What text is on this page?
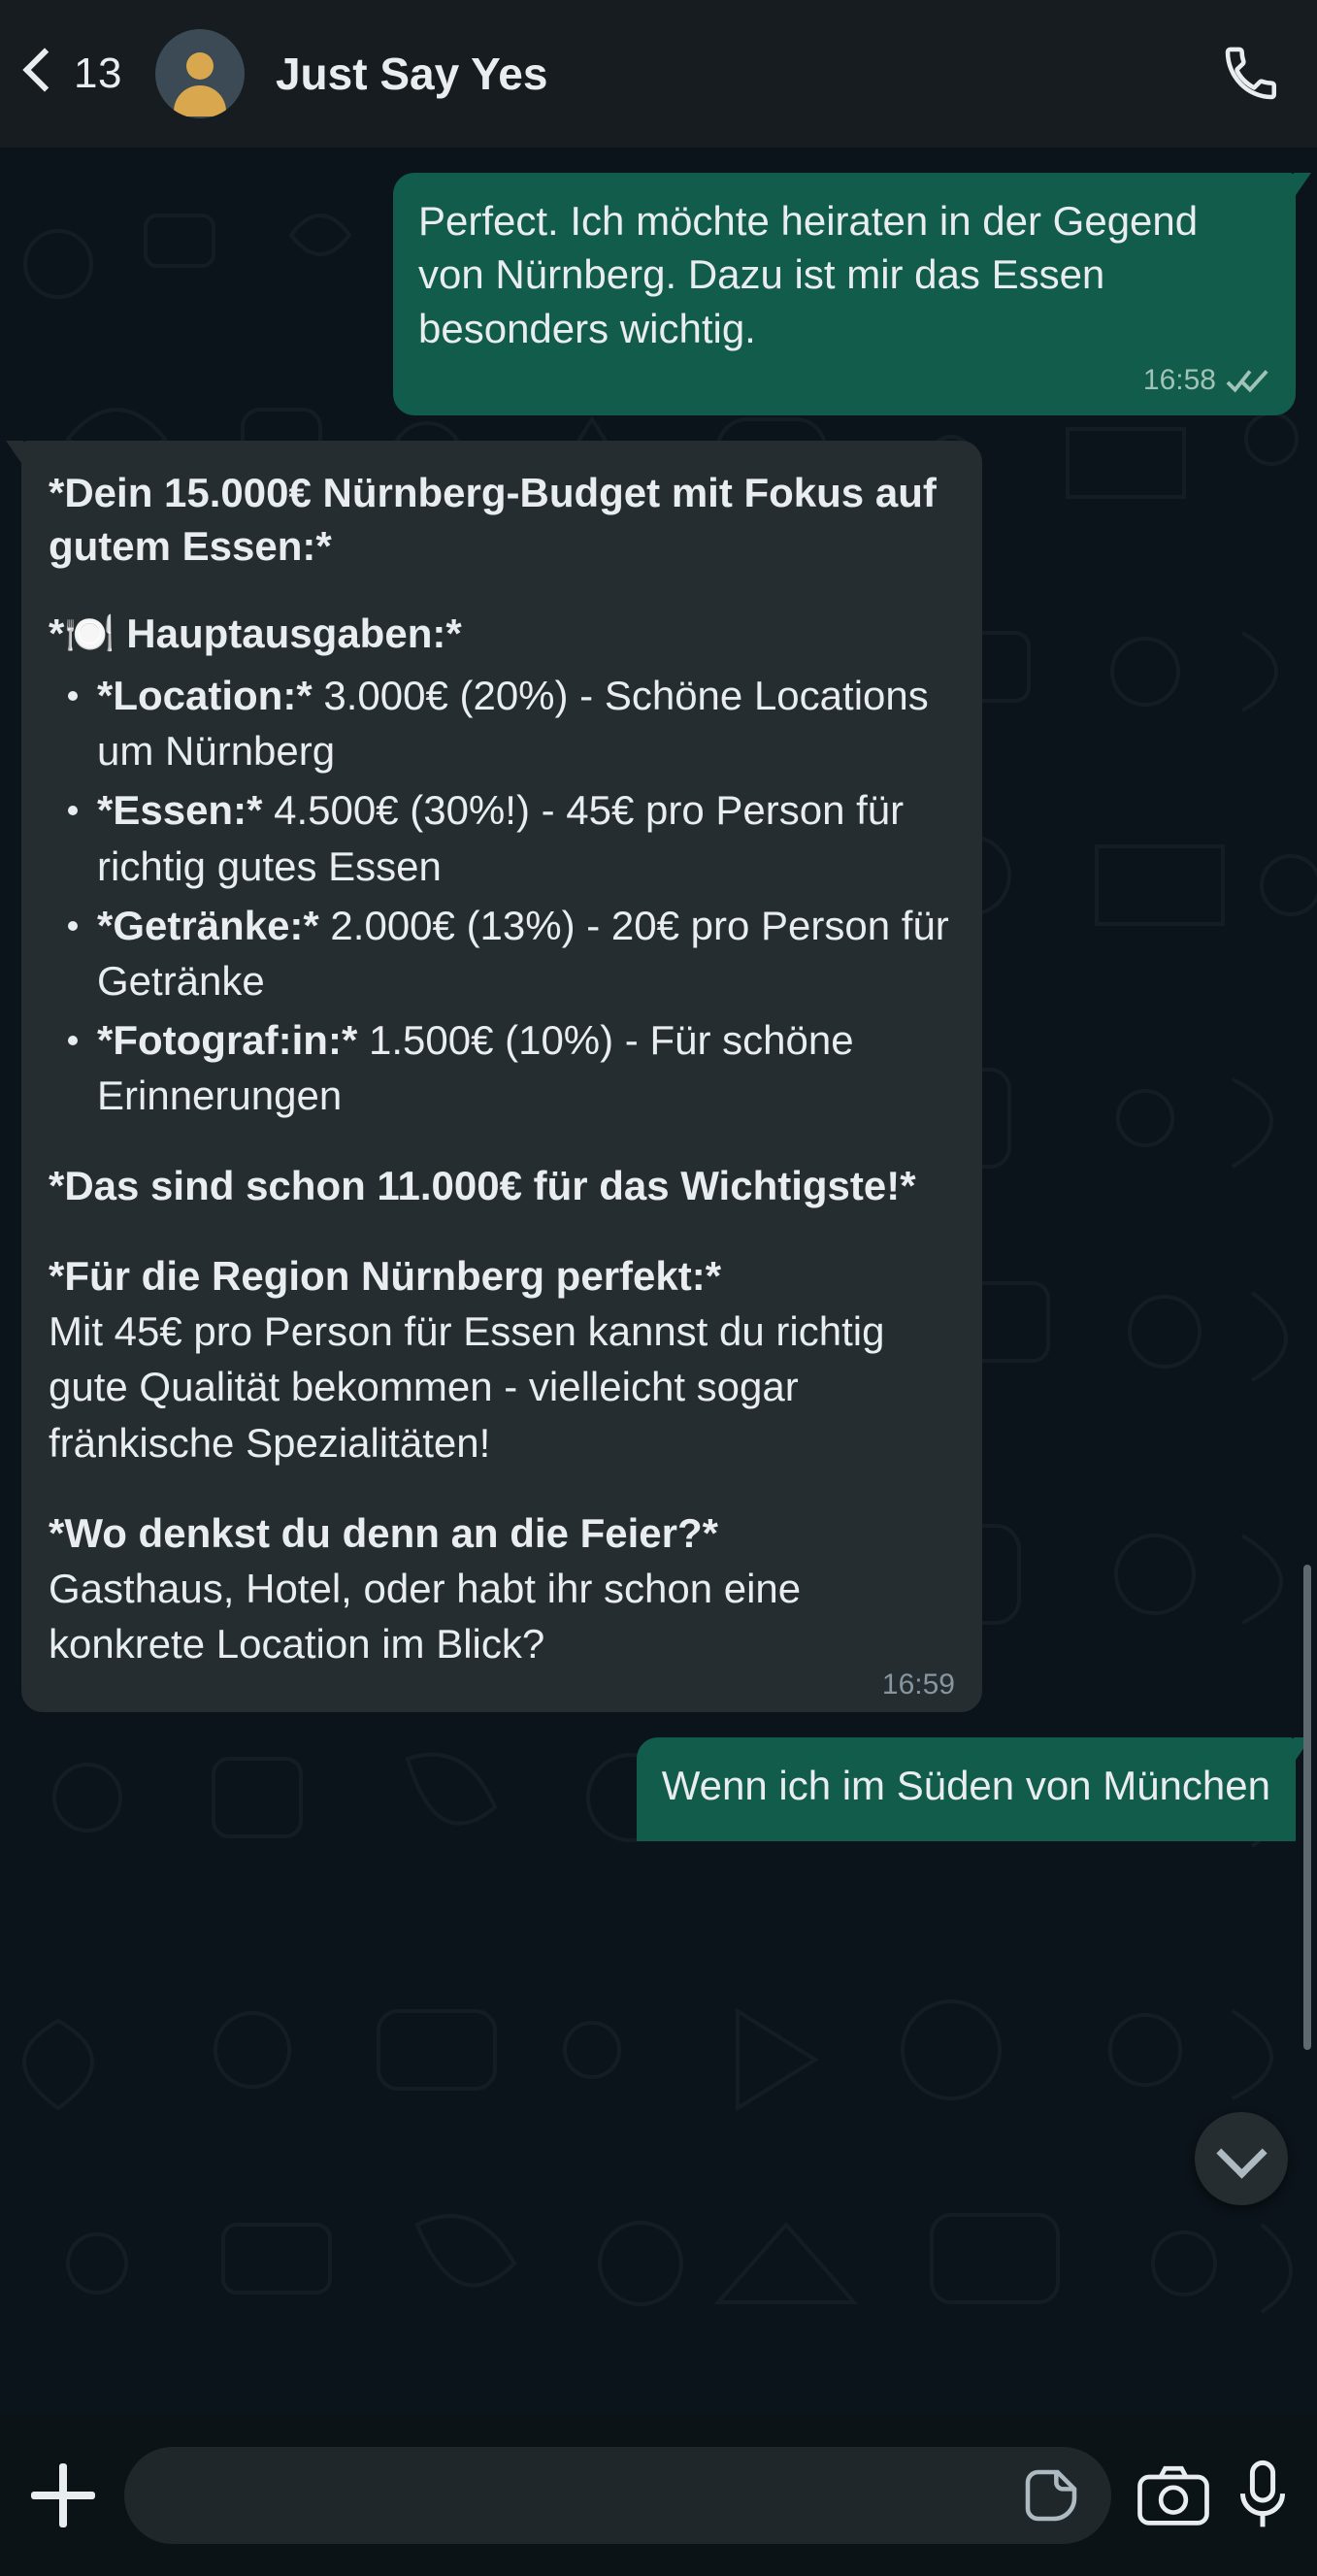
13	Just Say Yes
Perfect. Ich möchte heiraten in der Gegend von Nürnberg. Dazu ist mir das Essen besonders wichtig.
16:58
*Dein 15.000€ Nürnberg-Budget mit Fokus auf gutem Essen:*
*🍽️ Hauptausgaben:*
*Location:* 3.000€ (20%) - Schöne Locations um Nürnberg
*Essen:* 4.500€ (30%!) - 45€ pro Person für richtig gutes Essen
*Getränke:* 2.000€ (13%) - 20€ pro Person für Getränke
*Fotograf:in:* 1.500€ (10%) - Für schöne Erinnerungen
*Das sind schon 11.000€ für das Wichtigste!*
*Für die Region Nürnberg perfekt:*
Mit 45€ pro Person für Essen kannst du richtig gute Qualität bekommen - vielleicht sogar fränkische Spezialitäten!
*Wo denkst du denn an die Feier?*
Gasthaus, Hotel, oder habt ihr schon eine konkrete Location im Blick?
16:59
Wenn ich im Süden von München
